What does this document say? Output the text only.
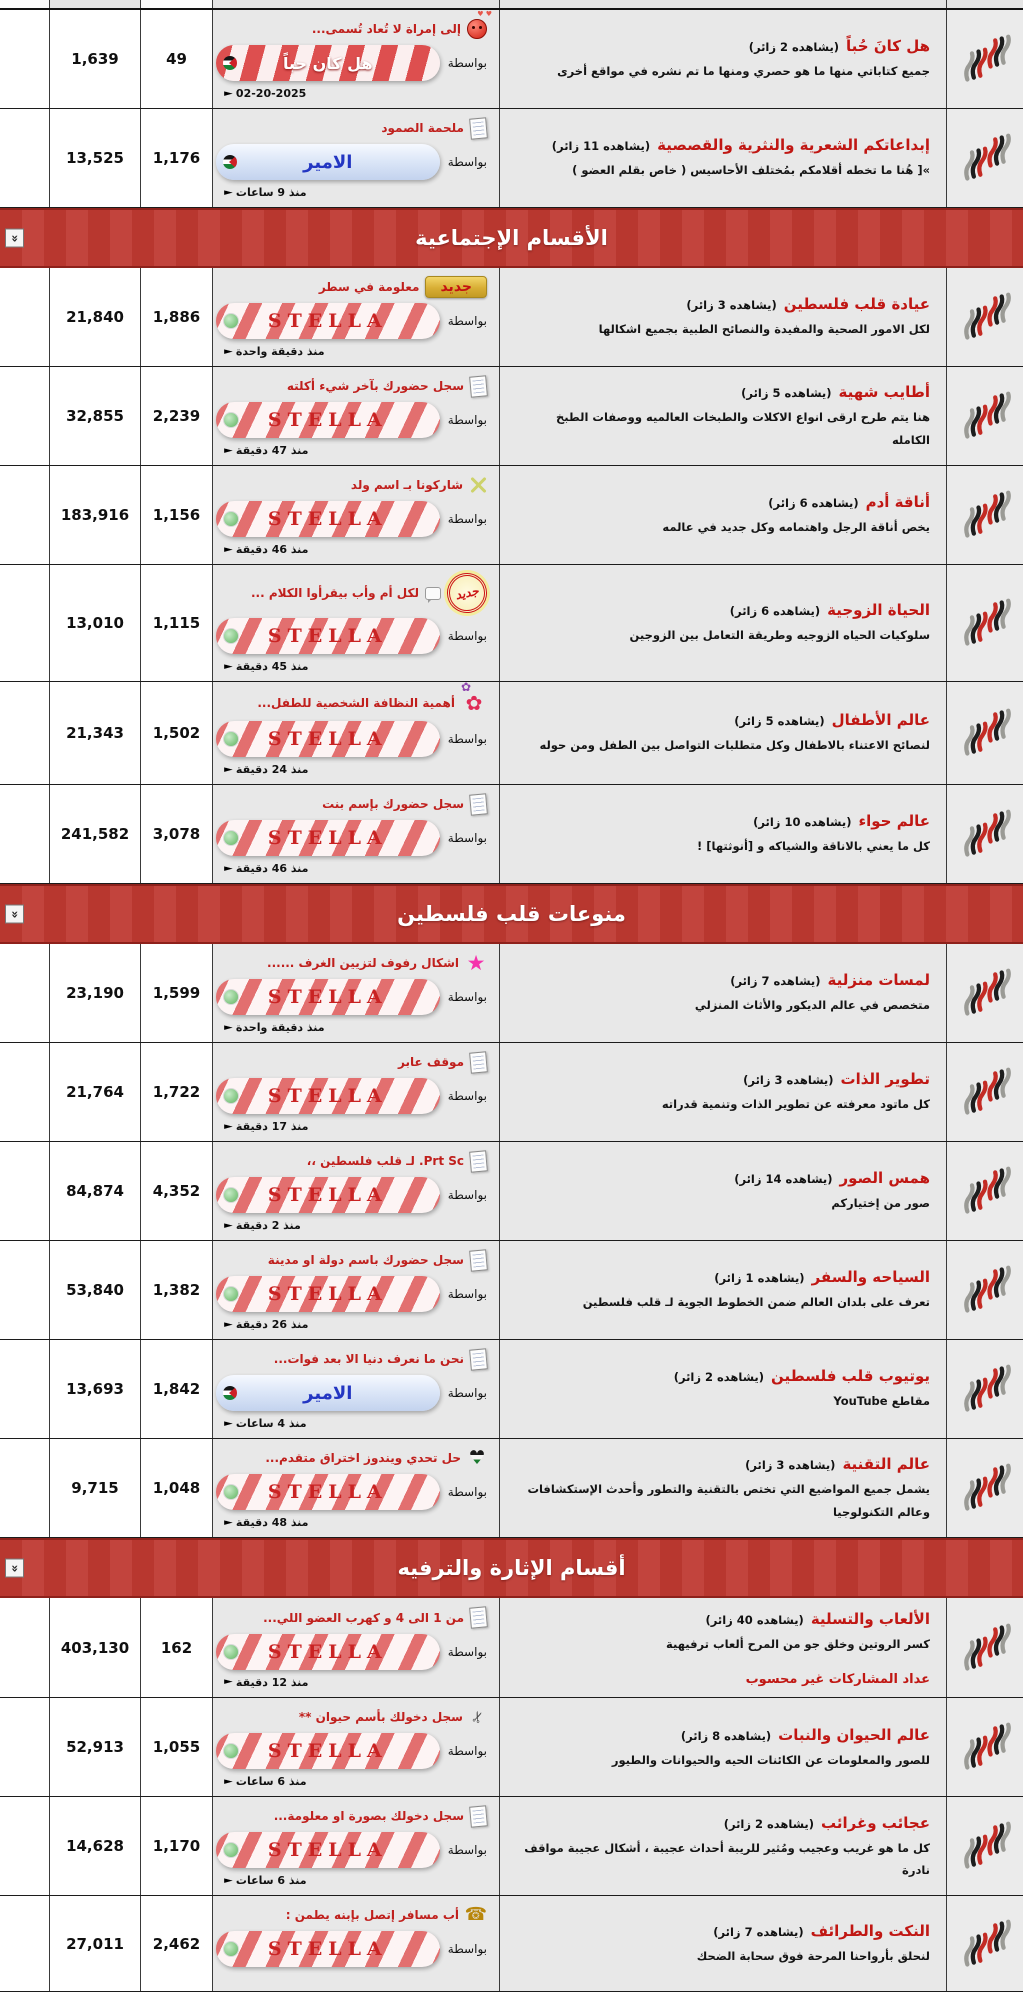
هل كانَ حُباً
(يشاهده 2 زائر)
جميع كتاباتي منها ما هو حصري ومنها ما تم نشره في مواقع أخرى
♥ ♥
إلى إمراة لا تُعاد تُسمى...
بواسطة
هل كان حباً
02-20-2025
►
49
1,639
إبداعاتكم الشعرية والنثرية والقصصية
(يشاهده 11 زائر)
»[ هُنا ما تخطه أقلامكم بمُختلف الأحاسيس ( خاص بقلم العضو )
ملحمة الصمود
بواسطة
الامير
منذ 9 ساعات
►
1,176
13,525
الأقسام الإجتماعية
«
عيادة قلب فلسطين
(يشاهده 3 زائر)
لكل الامور الصحية والمفيدة والنصائح الطبية بجميع اشكالها
جديد
معلومة في سطر
بواسطة
STELLA
منذ دقيقة واحدة
►
1,886
21,840
أطايب شهية
(يشاهده 5 زائر)
هنا يتم طرح ارقى انواع الاكلات والطبخات العالميه ووصفات الطبخ الكامله
سجل حضورك بآخر شيء أكلته
بواسطة
STELLA
منذ 47 دقيقة
►
2,239
32,855
أناقة أدم
(يشاهده 6 زائر)
يخص أناقة الرجل واهتمامه وكل جديد في عالمه
شاركونا بـ اسم ولد
بواسطة
STELLA
منذ 46 دقيقة
►
1,156
183,916
الحياة الزوجية
(يشاهده 6 زائر)
سلوكيات الحياه الزوجيه وطريقة التعامل بين الزوجين
جديد
لكل أم وأب بيقرأوا الكلام ...
بواسطة
STELLA
منذ 45 دقيقة
►
1,115
13,010
عالم الأطفال
(يشاهده 5 زائر)
لنصائح الاعتناء بالاطفال وكل متطلبات التواصل بين الطفل ومن حوله
✿ ✿
أهمية النظافة الشخصية للطفل...
بواسطة
STELLA
منذ 24 دقيقة
►
1,502
21,343
عالم حواء
(يشاهده 10 زائر)
كل ما يعني بالاناقة والشياكه و [أنوثتها] !
سجل حضورك بإسم بنت
بواسطة
STELLA
منذ 46 دقيقة
►
3,078
241,582
منوعات قلب فلسطين
«
لمسات منزلية
(يشاهده 7 زائر)
متخصص في عالم الديكور والأثاث المنزلي
★
اشكال رفوف لتزيين الغرف ......
بواسطة
STELLA
منذ دقيقة واحدة
►
1,599
23,190
تطوير الذات
(يشاهده 3 زائر)
كل ماتود معرفته عن تطوير الذات وتنمية قدراته
موقف عابر
بواسطة
STELLA
منذ 17 دقيقة
►
1,722
21,764
همس الصور
(يشاهده 14 زائر)
صور من إختياركم
Prt Sc. لـ قلب فلسطين ،،
بواسطة
STELLA
منذ 2 دقيقة
►
4,352
84,874
السياحه والسفر
(يشاهده 1 زائر)
تعرف على بلدان العالم ضمن الخطوط الجوية لـ قلب فلسطين
سجل حضورك باسم دولة او مدينة
بواسطة
STELLA
منذ 26 دقيقة
►
1,382
53,840
يوتيوب قلب فلسطين
(يشاهده 2 زائر)
مقاطع YouTube
نحن ما نعرف دنيا الا بعد فوات...
بواسطة
الامير
منذ 4 ساعات
►
1,842
13,693
عالم التقنية
(يشاهده 3 زائر)
يشمل جميع المواضيع التي تختص بالتقنية والتطور وأحدث الإستكشافات وعالم التكنولوجيا
♥
حل تحدي ويندوز اختراق متقدم...
بواسطة
STELLA
منذ 48 دقيقة
►
1,048
9,715
أقسام الإثارة والترفيه
«
الألعاب والتسلية
(يشاهده 40 زائر)
كسر الروتين وخلق جو من المرح ألعاب ترفيهية
عداد المشاركات غير محسوب
من 1 الى 4 و كهرب العضو اللي...
بواسطة
STELLA
منذ 12 دقيقة
►
162
403,130
عالم الحيوان والنبات
(يشاهده 8 زائر)
للصور والمعلومات عن الكائنات الحيه والحيوانات والطيور
✂
سجل دخولك بأسم حيوان **
بواسطة
STELLA
منذ 6 ساعات
►
1,055
52,913
عجائب وغرائب
(يشاهده 2 زائر)
كل ما هو غريب وعجيب ومُثير للريبة أحداث عجيبة ، أشكال عجيبة مواقف نادرة
سجل دخولك بصورة او معلومة...
بواسطة
STELLA
منذ 6 ساعات
►
1,170
14,628
النكت والطرائف
(يشاهده 7 زائر)
لنحلق بأرواحنا المرحة فوق سحابة الضحك
☎
أب مسافر إتصل بإبنه يطمن :
بواسطة
STELLA
2,462
27,011
